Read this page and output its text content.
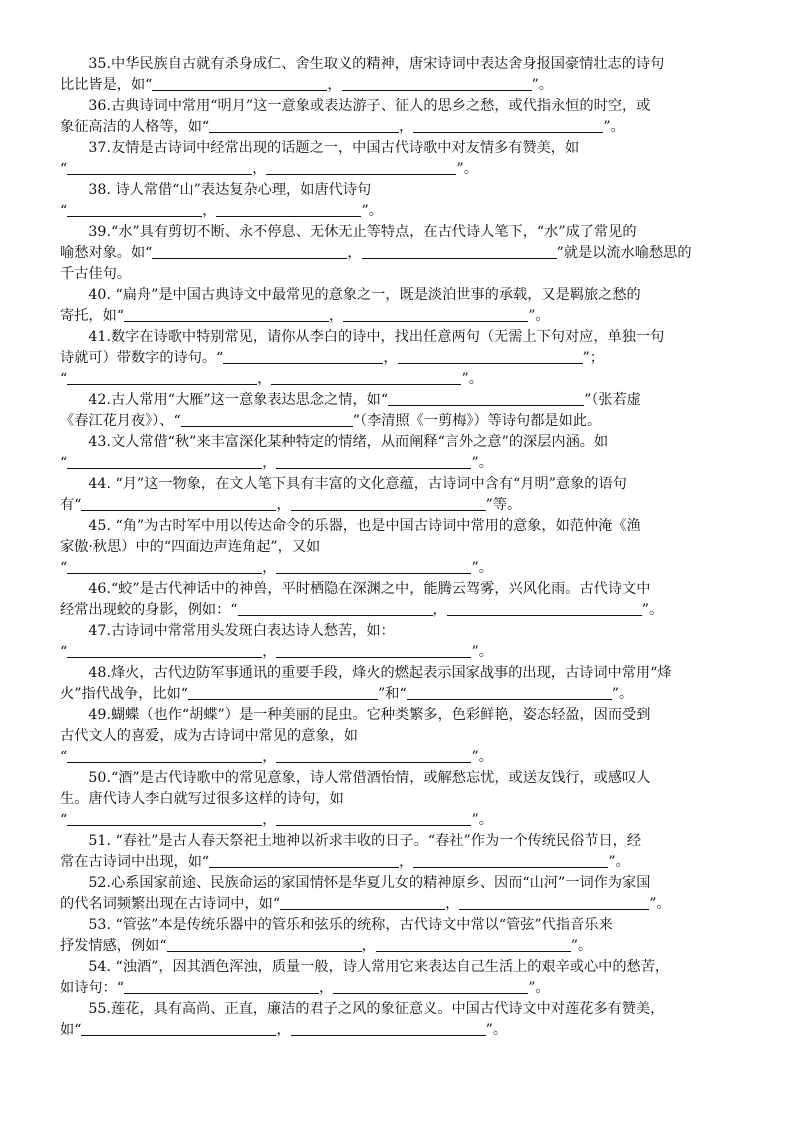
35.中华民族自古就有杀身成仁、舍生取义的精神，唐宋诗词中表达舍身报国豪情壮志的诗句

比比皆是，如“	，	”。

36.古典诗词中常用“明月”这一意象或表达游子、征人的思乡之愁，或代指永恒的时空，或

象征高洁的人格等，如“	，	”。

37.友情是古诗词中经常出现的话题之一，中国古代诗歌中对友情多有赞美，如

“	，	”。

38. 诗人常借“山”表达复杂心理，如唐代诗句

“	，	”。

39.“水”具有剪切不断、永不停息、无休无止等特点，在古代诗人笔下，“水”成了常见的

喻愁对象。如“	，	”就是以流水喻愁思的

千古佳句。

40. “扁舟”是中国古典诗文中最常见的意象之一，既是淡泊世事的承载，又是羁旅之愁的

寄托，如“	，	”。

41.数字在诗歌中特别常见，请你从李白的诗中，找出任意两句（无需上下句对应，单独一句

诗就可）带数字的诗句。“	，	”；

“	，	”。

42.古人常用“大雁”这一意象表达思念之情，如“	”（张若虚

《春江花月夜》）、“	”（李清照《一剪梅》）等诗句都是如此。

43.文人常借“秋”来丰富深化某种特定的情绪，从而阐释“言外之意”的深层内涵。如

“	，	”。

44. “月”这一物象，在文人笔下具有丰富的文化意蕴，古诗词中含有“月明”意象的语句

有“	，	”等。

45. “角”为古时军中用以传达命令的乐器，也是中国古诗词中常用的意象，如范仲淹《渔

家傲·秋思）中的“四面边声连角起”，又如

“	，	”。

46.“蛟”是古代神话中的神兽，平时栖隐在深渊之中，能腾云驾雾，兴风化雨。古代诗文中

经常出现蛟的身影，例如：“	，	”。

47.古诗词中常常用头发斑白表达诗人愁苦，如：

“	，	”。

48.烽火，古代边防军事通讯的重要手段，烽火的燃起表示国家战事的出现，古诗词中常用“烽

火”指代战争，比如“	”和“	”。

49.蝴蝶（也作“胡蝶”）是一种美丽的昆虫。它种类繁多，色彩鲜艳，姿态轻盈，因而受到

古代文人的喜爱，成为古诗词中常见的意象，如

“	，	”。

50.“酒”是古代诗歌中的常见意象，诗人常借酒怡情，或解愁忘忧，或送友饯行，或感叹人

生。唐代诗人李白就写过很多这样的诗句，如

“	，	”。

51. “春社”是古人春天祭祀土地神以祈求丰收的日子。“春社”作为一个传统民俗节日，经

常在古诗词中出现，如“	，	”。

52.心系国家前途、民族命运的家国情怀是华夏儿女的精神原乡、因而“山河”一词作为家国

的代名词频繁出现在古诗词中，如“	，	”。

53. “管弦”本是传统乐器中的管乐和弦乐的统称，古代诗文中常以“管弦”代指音乐来

抒发情感，例如“	，	”。

54. “浊酒”，因其酒色浑浊，质量一般，诗人常用它来表达自己生活上的艰辛或心中的愁苦，

如诗句：“	，	”。

55.莲花，具有高尚、正直，廉洁的君子之风的象征意义。中国古代诗文中对莲花多有赞美，

如“	，	”。
